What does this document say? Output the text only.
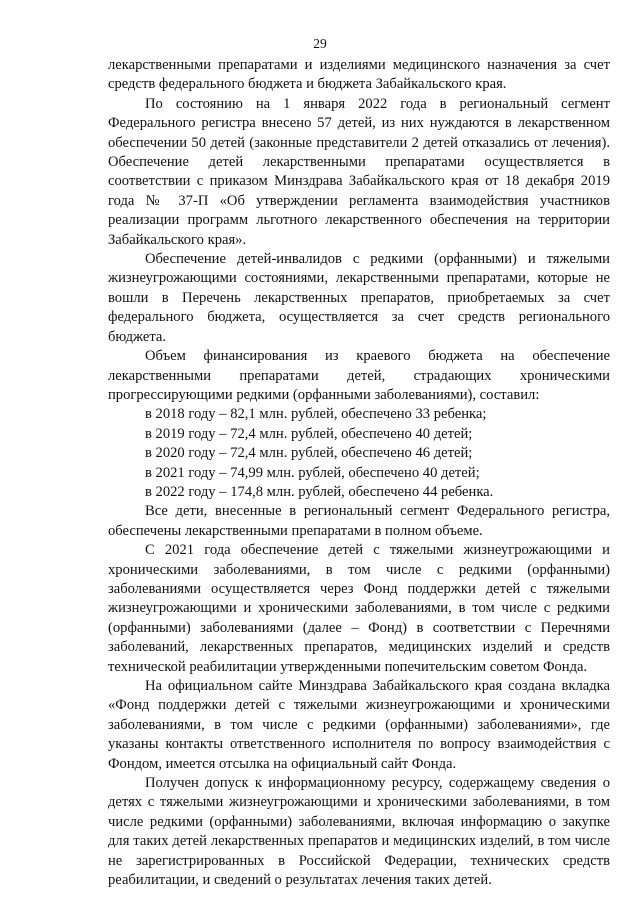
29

лекарственными препаратами и изделиями медицинского назначения за счет средств федерального бюджета и бюджета Забайкальского края.

По состоянию на 1 января 2022 года в региональный сегмент Федерального регистра внесено 57 детей, из них нуждаются в лекарственном обеспечении 50 детей (законные представители 2 детей отказались от лечения). Обеспечение детей лекарственными препаратами осуществляется в соответствии с приказом Минздрава Забайкальского края от 18 декабря 2019 года № 37-П «Об утверждении регламента взаимодействия участников реализации программ льготного лекарственного обеспечения на территории Забайкальского края».

Обеспечение детей-инвалидов с редкими (орфанными) и тяжелыми жизнеугрожающими состояниями, лекарственными препаратами, которые не вошли в Перечень лекарственных препаратов, приобретаемых за счет федерального бюджета, осуществляется за счет средств регионального бюджета.

Объем финансирования из краевого бюджета на обеспечение лекарственными препаратами детей, страдающих хроническими прогрессирующими редкими (орфанными заболеваниями), составил:

в 2018 году – 82,1 млн. рублей, обеспечено 33 ребенка;

в 2019 году – 72,4 млн. рублей, обеспечено 40 детей;

в 2020 году – 72,4 млн. рублей, обеспечено 46 детей;

в 2021 году – 74,99 млн. рублей, обеспечено 40 детей;

в 2022 году – 174,8 млн. рублей, обеспечено 44 ребенка.

Все дети, внесенные в региональный сегмент Федерального регистра, обеспечены лекарственными препаратами в полном объеме.

С 2021 года обеспечение детей с тяжелыми жизнеугрожающими и хроническими заболеваниями, в том числе с редкими (орфанными) заболеваниями осуществляется через Фонд поддержки детей с тяжелыми жизнеугрожающими и хроническими заболеваниями, в том числе с редкими (орфанными) заболеваниями (далее – Фонд) в соответствии с Перечнями заболеваний, лекарственных препаратов, медицинских изделий и средств технической реабилитации утвержденными попечительским советом Фонда.

На официальном сайте Минздрава Забайкальского края создана вкладка «Фонд поддержки детей с тяжелыми жизнеугрожающими и хроническими заболеваниями, в том числе с редкими (орфанными) заболеваниями», где указаны контакты ответственного исполнителя по вопросу взаимодействия с Фондом, имеется отсылка на официальный сайт Фонда.

Получен допуск к информационному ресурсу, содержащему сведения о детях с тяжелыми жизнеугрожающими и хроническими заболеваниями, в том числе редкими (орфанными) заболеваниями, включая информацию о закупке для таких детей лекарственных препаратов и медицинских изделий, в том числе не зарегистрированных в Российской Федерации, технических средств реабилитации, и сведений о результатах лечения таких детей.
